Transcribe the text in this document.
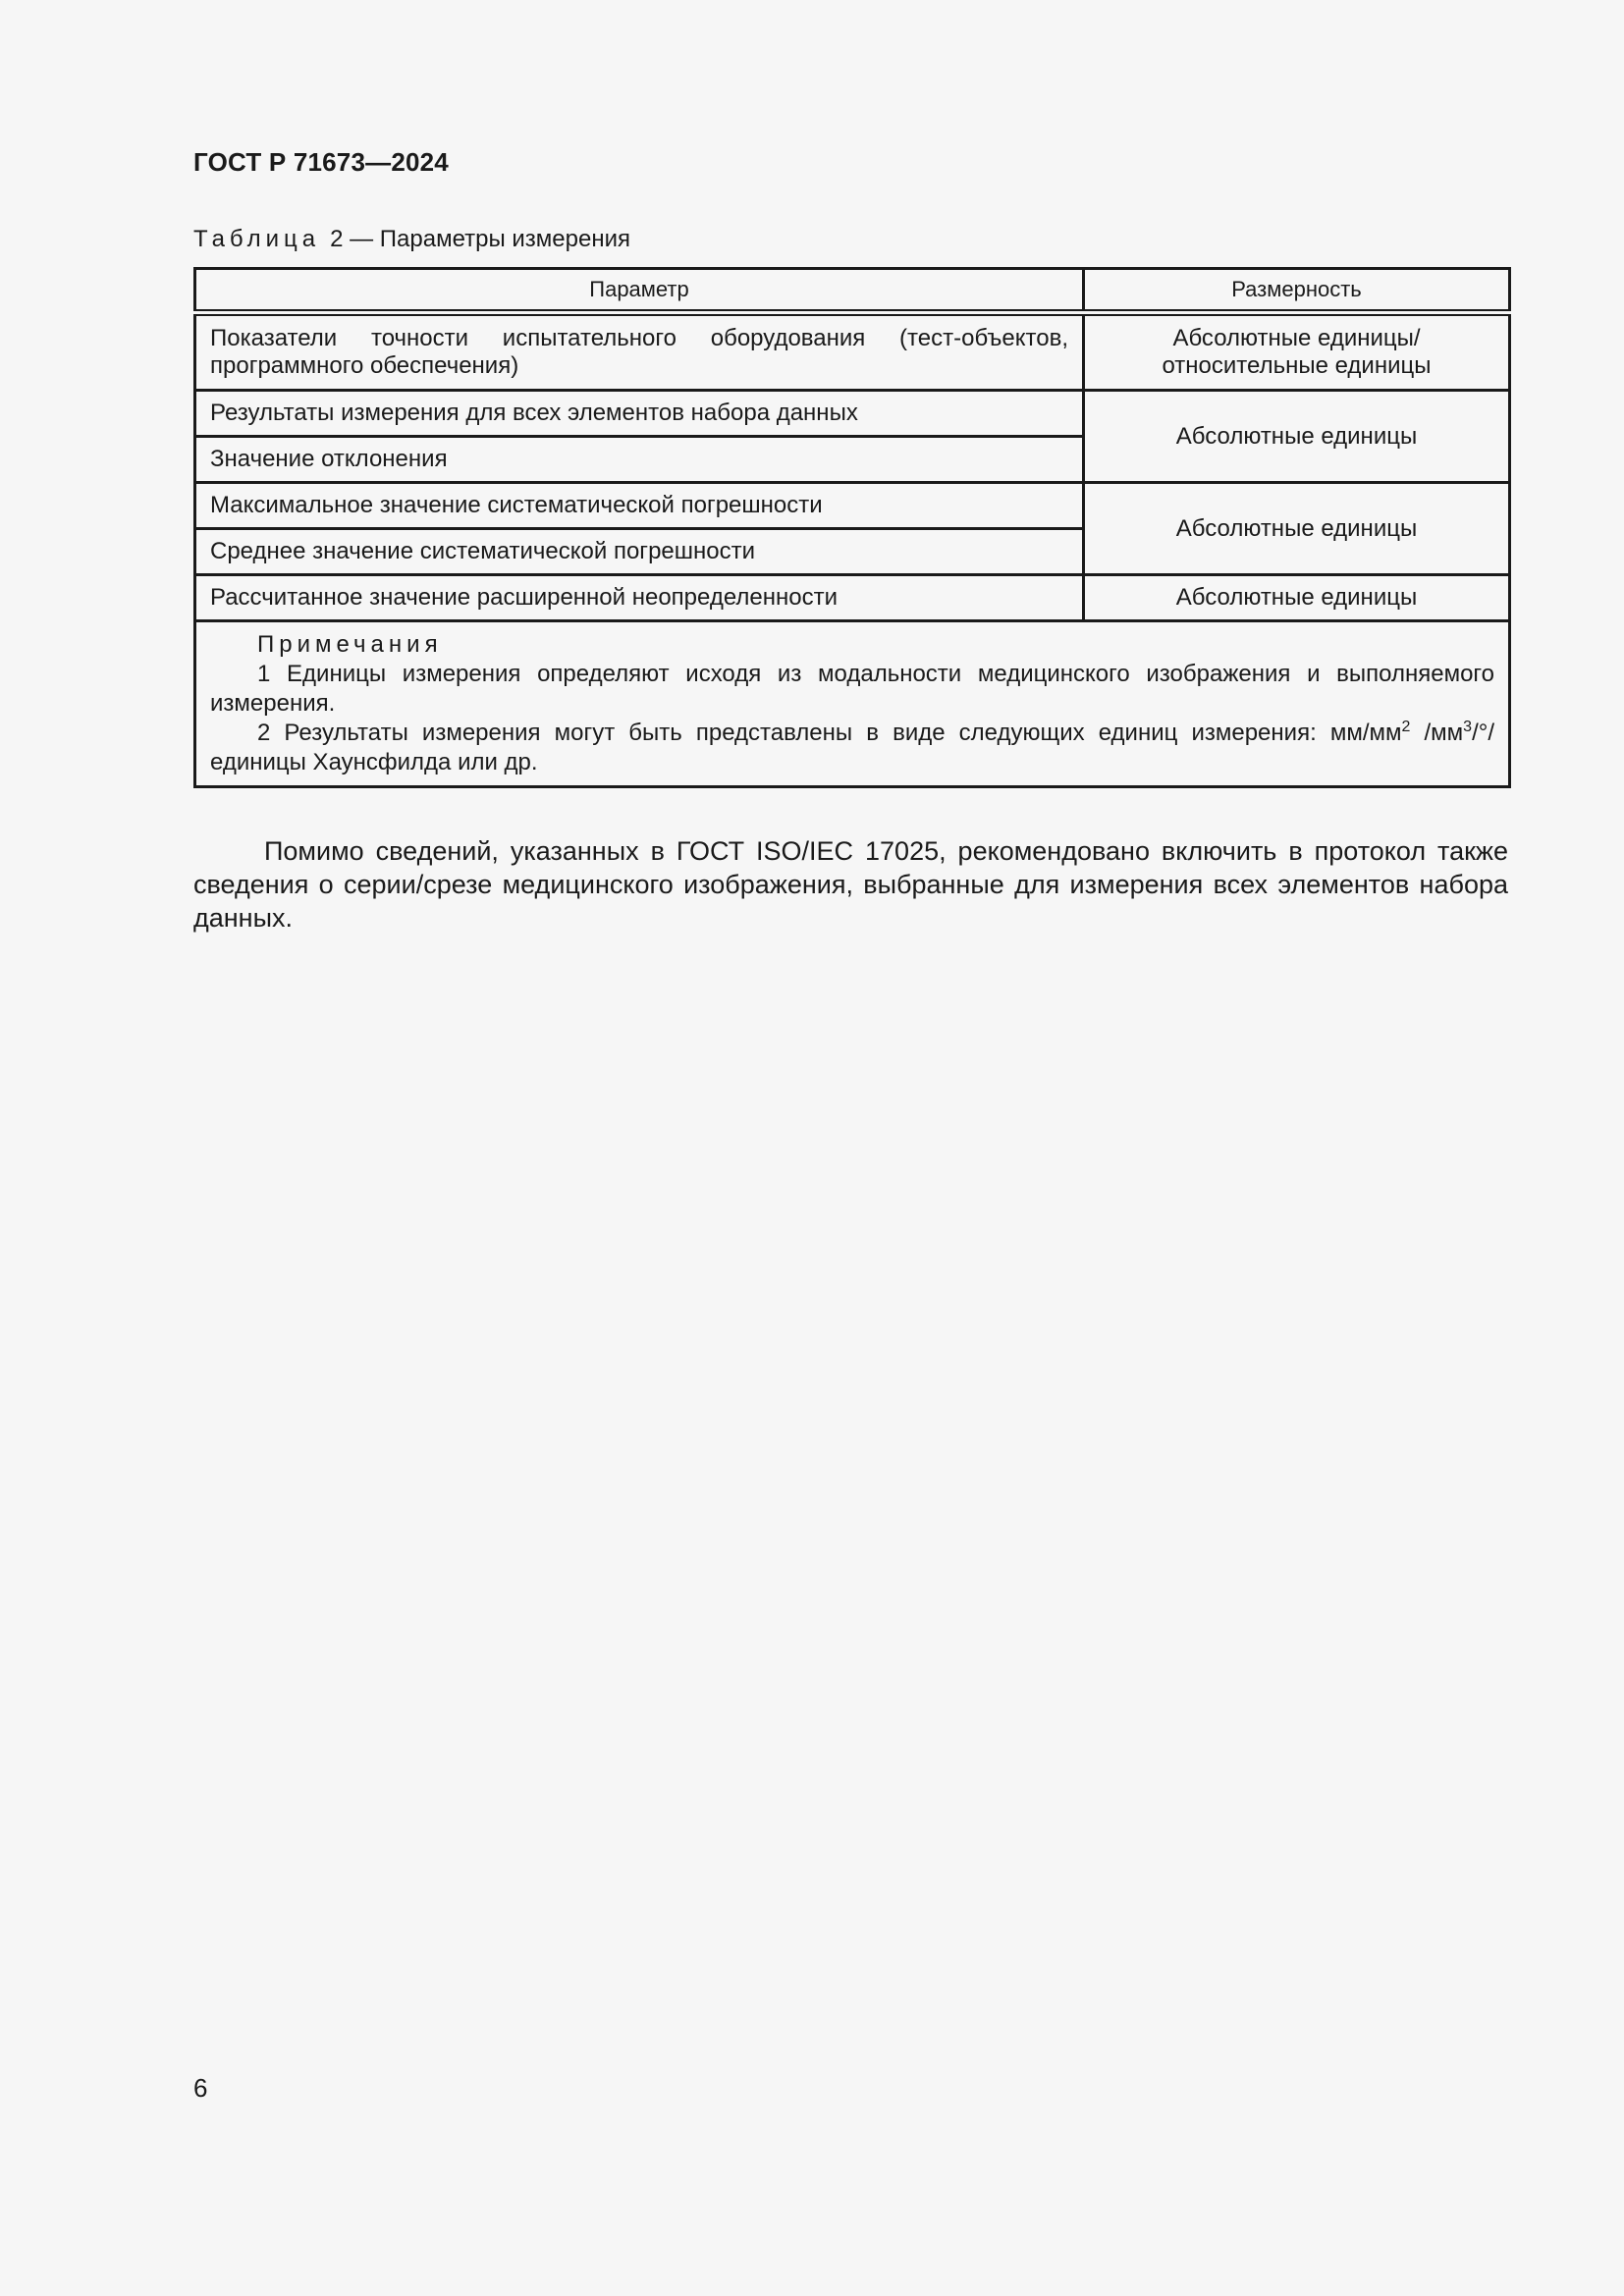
ГОСТ Р 71673—2024
Таблица 2 — Параметры измерения
Параметр	Размерность
Показатели точности испытательного оборудования (тест-объектов, программного обеспечения)	Абсолютные единицы/
относительные единицы

Результаты измерения для всех элементов набора данных	Абсолютные единицы
Значение отклонения	
Максимальное значение систематической погрешности	Абсолютные единицы
Среднее значение систематической погрешности	
Рассчитанное значение расширенной неопределенности	Абсолютные единицы

Примечания
1 Единицы измерения определяют исходя из модальности медицинского изображения и выполняемого измерения.
2 Результаты измерения могут быть представлены в виде следующих единиц измерения: $мм/мм^2$ $/мм^3/^\circ$/единицы Хаунсфилда или др.	
Помимо сведений, указанных в ГОСТ ISO/IEC 17025, рекомендовано включить в протокол также сведения о серии/срезе медицинского изображения, выбранные для измерения всех элементов набора данных.
6
